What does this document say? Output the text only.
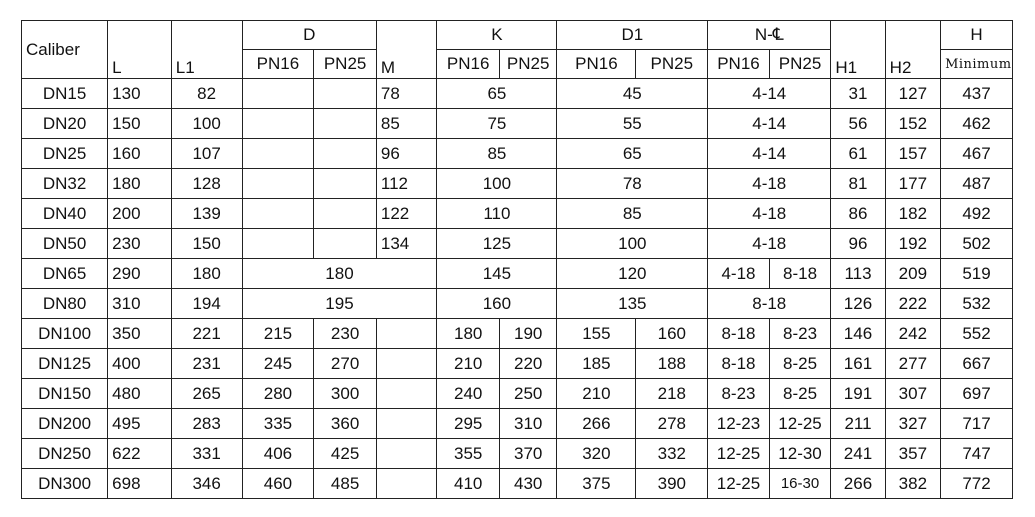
Caliber	L	L1	D		M	K		D1		N-℄		H1	H2	H
			PN16	PN25		PN16	PN25	PN16	PN25	PN16	PN25			Minimum
DN15	130	82			78	65		45		4-14		31	127	437
DN20	150	100			85	75		55		4-14		56	152	462
DN25	160	107			96	85		65		4-14		61	157	467
DN32	180	128			112	100		78		4-18		81	177	487
DN40	200	139			122	110		85		4-18		86	182	492
DN50	230	150			134	125		100		4-18		96	192	502
DN65	290	180	180			145		120		4-18	8-18	113	209	519
DN80	310	194	195			160		135		8-18		126	222	532
DN100	350	221	215	230		180	190	155	160	8-18	8-23	146	242	552
DN125	400	231	245	270		210	220	185	188	8-18	8-25	161	277	667
DN150	480	265	280	300		240	250	210	218	8-23	8-25	191	307	697
DN200	495	283	335	360		295	310	266	278	12-23	12-25	211	327	717
DN250	622	331	406	425		355	370	320	332	12-25	12-30	241	357	747
DN300	698	346	460	485		410	430	375	390	12-25	16-30	266	382	772
